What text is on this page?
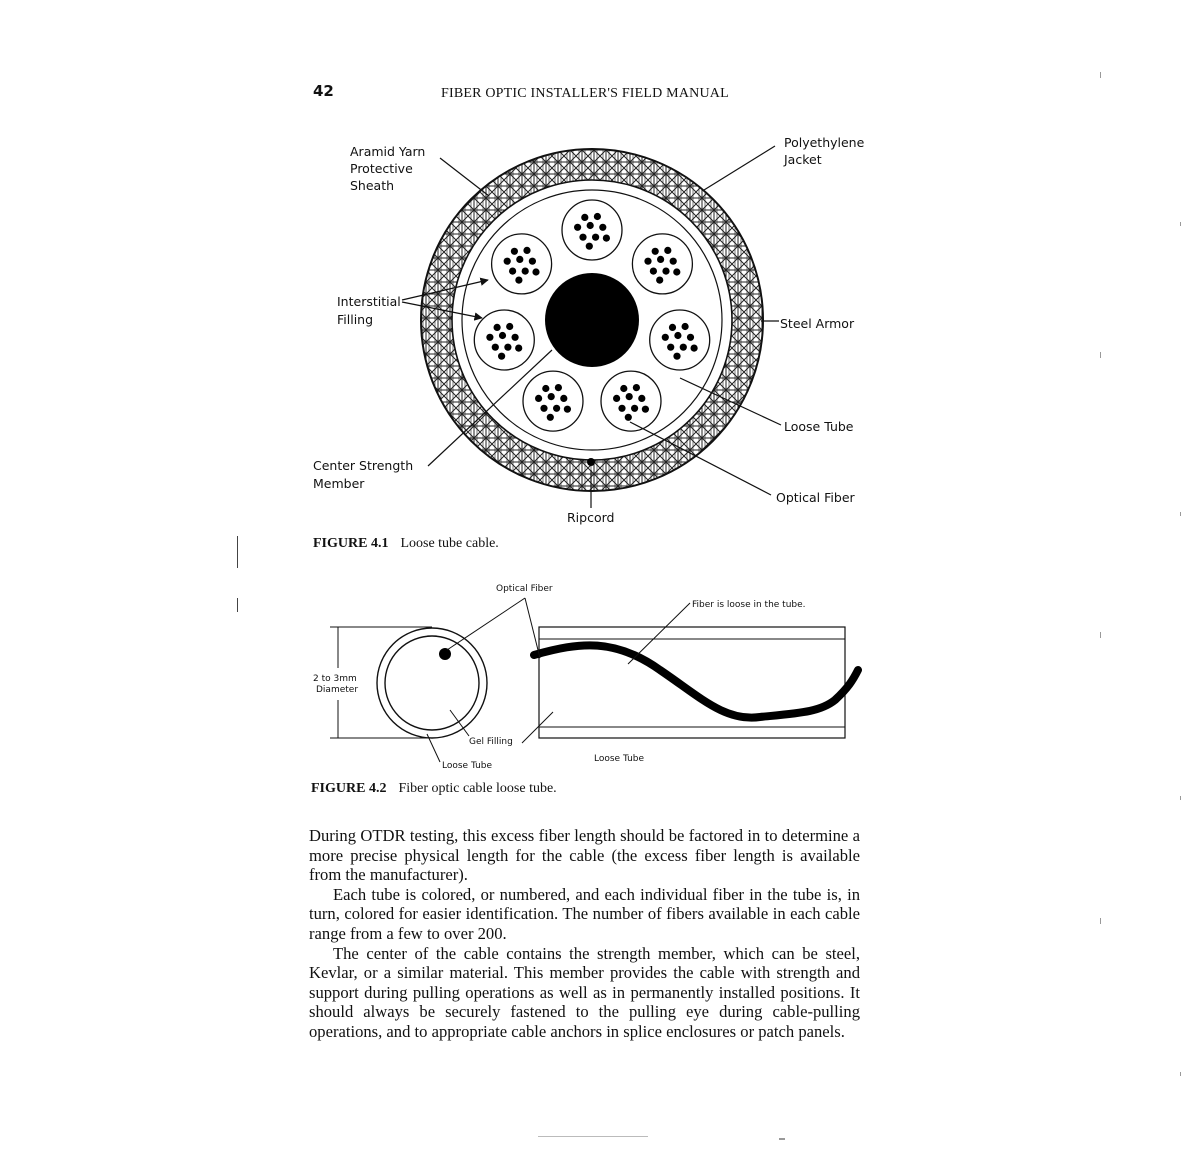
42	FIBER OPTIC INSTALLER'S FIELD MANUAL
Aramid Yarn
Protective
Sheath
Polyethylene
Jacket
Interstitial
Filling	Steel Armor
Loose Tube
Center Strength
Member
Optical Fiber
Ripcord
Optical Fiber
Fiber is loose in the tube.
2 to 3mm
Diameter
Gel Filling
Loose Tube
Loose Tube
FIGURE 4.1 Loose tube cable.
FIGURE 4.2 Fiber optic cable loose tube.

During OTDR testing, this excess fiber length should be factored in to determine a more precise physical length for the cable (the excess fiber length is available from the manufacturer).

Each tube is colored, or numbered, and each individual fiber in the tube is, in turn, colored for easier identification. The number of fibers available in each cable range from a few to over 200.

The center of the cable contains the strength member, which can be steel, Kevlar, or a similar material. This member provides the cable with strength and support during pulling operations as well as in permanently installed positions. It should always be securely fastened to the pulling eye during cable-pulling operations, and to appropriate cable anchors in splice enclosures or patch panels.
